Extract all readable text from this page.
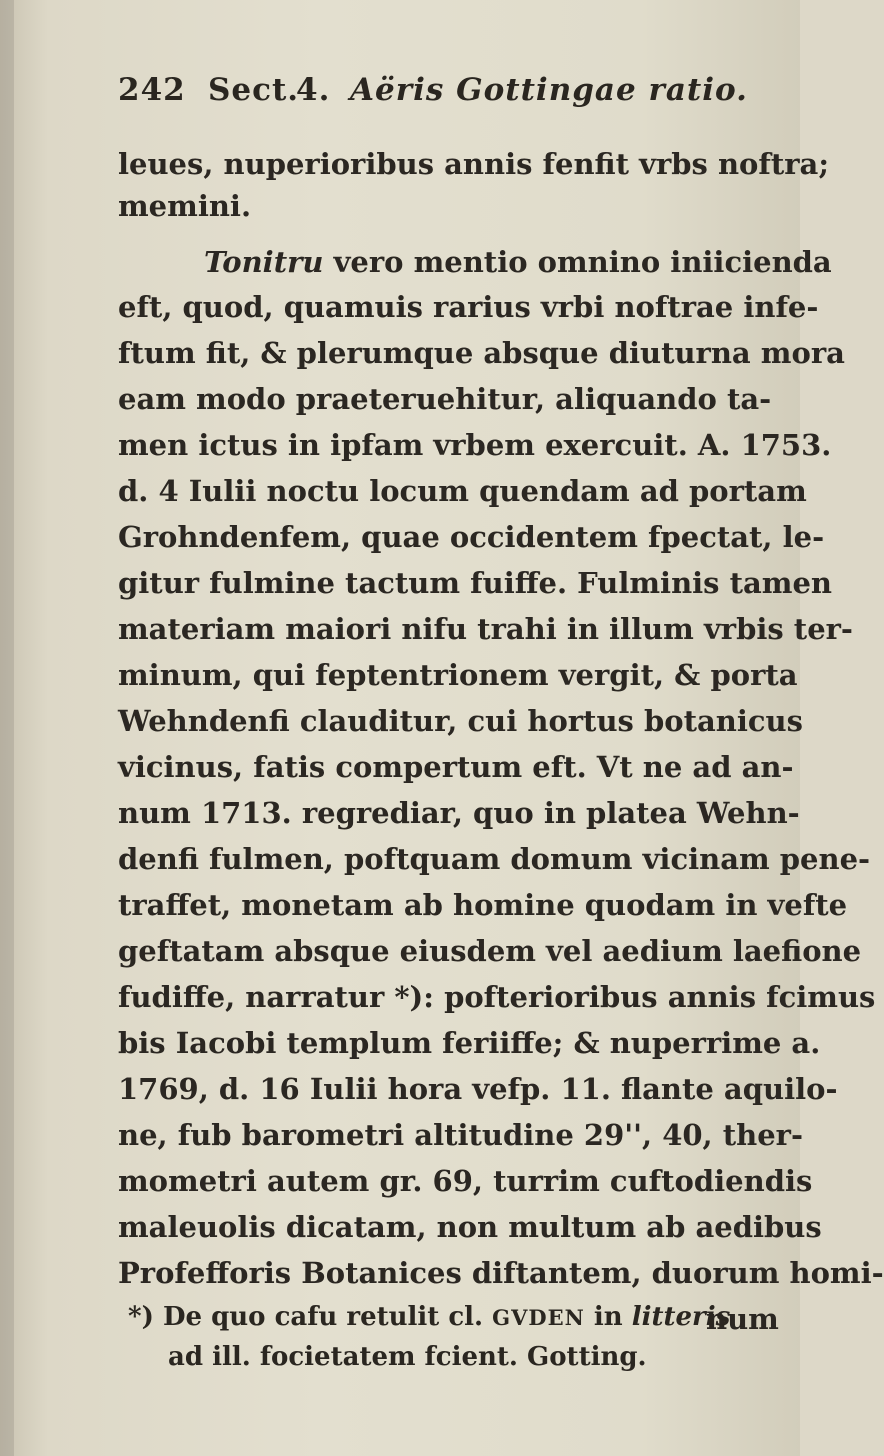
242 Sect.
4. Aëris Gottingae ratio.
leues, nuperioribus annis fenfit vrbs noftra;
memini.
Tonitru vero mentio omnino iniicienda
eft, quod, quamuis rarius vrbi noftrae infe-
ftum fit, & plerumque absque diuturna mora
eam modo praeteruehitur, aliquando ta-
men ictus in ipfam vrbem exercuit. A. 1753.
d. 4 Iulii noctu locum quendam ad portam
Grohndenfem, quae occidentem fpectat, le-
gitur fulmine tactum fuiffe. Fulminis tamen
materiam maiori nifu trahi in illum vrbis ter-
minum, qui feptentrionem vergit, & porta
Wehndenfi clauditur, cui hortus botanicus
vicinus, fatis compertum eft. Vt ne ad an-
num 1713. regrediar, quo in platea Wehn-
denfi fulmen, poftquam domum vicinam pene-
traffet, monetam ab homine quodam in vefte
geftatam absque eiusdem vel aedium laefione
fudiffe, narratur *): pofterioribus annis fcimus
bis Iacobi templum feriiffe; & nuperrime a.
1769, d. 16 Iulii hora vefp. 11. flante aquilo-
ne, fub barometri altitudine 29'', 40, ther-
mometri autem gr. 69, turrim cuftodiendis
maleuolis dicatam, non multum ab aedibus
Profefforis Botanices diftantem, duorum homi-
num
*) De quo cafu retulit cl. GVDEN in litteris
ad ill. focietatem fcient. Gotting.
